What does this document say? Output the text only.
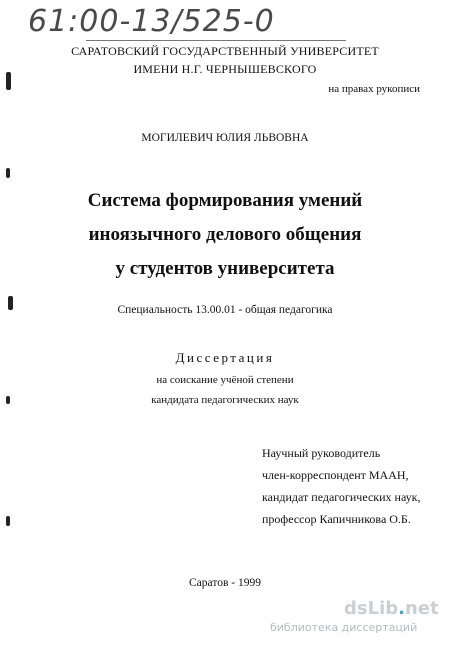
61:00-13/525-0
САРАТОВСКИЙ ГОСУДАРСТВЕННЫЙ УНИВЕРСИТЕТ
ИМЕНИ Н.Г. ЧЕРНЫШЕВСКОГО
на правах рукописи
МОГИЛЕВИЧ ЮЛИЯ ЛЬВОВНА
Система формирования умений
иноязычного делового общения
у студентов университета
Специальность 13.00.01 - общая педагогика
Диссертация
на соискание учёной степени
кандидата педагогических наук
Научный руководитель
член-корреспондент МААН,
кандидат педагогических наук,
профессор Капичникова О.Б.
Саратов - 1999
dsLib.net
библиотека диссертаций
